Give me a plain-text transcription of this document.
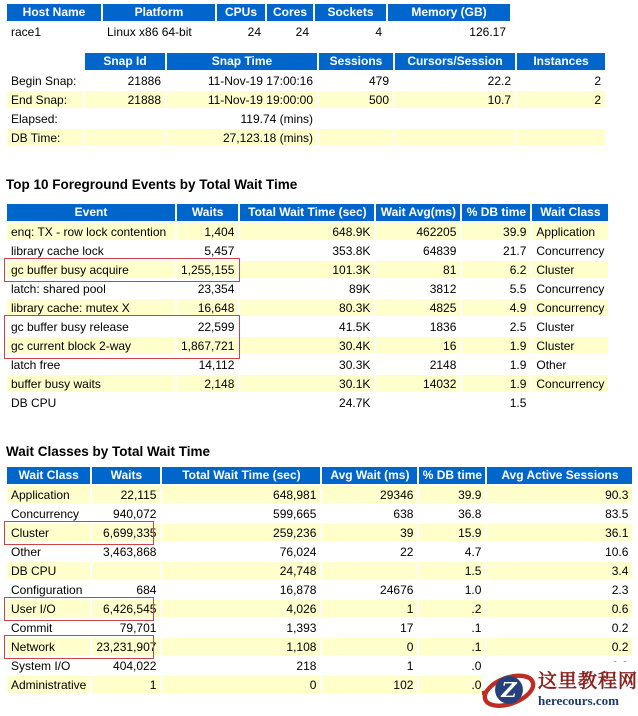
Host Name	Platform	CPUs	Cores	Sockets	Memory (GB)
race1	Linux x86 64-bit	24	24	4	126.17
	Snap Id	Snap Time	Sessions	Cursors/Session	Instances
Begin Snap:	21886	11-Nov-19 17:00:16	479	22.2	2
End Snap:	21888	11-Nov-19 19:00:00	500	10.7	2
Elapsed:		119.74 (mins)			
DB Time:		27,123.18 (mins)			
Top 10 Foreground Events by Total Wait Time
Event	Waits	Total Wait Time (sec)	Wait Avg(ms)	% DB time	Wait Class
enq: TX - row lock contention	1,404	648.9K	462205	39.9	Application
library cache lock	5,457	353.8K	64839	21.7	Concurrency
gc buffer busy acquire	1,255,155	101.3K	81	6.2	Cluster
latch: shared pool	23,354	89K	3812	5.5	Concurrency
library cache: mutex X	16,648	80.3K	4825	4.9	Concurrency
gc buffer busy release	22,599	41.5K	1836	2.5	Cluster
gc current block 2-way	1,867,721	30.4K	16	1.9	Cluster
latch free	14,112	30.3K	2148	1.9	Other
buffer busy waits	2,148	30.1K	14032	1.9	Concurrency
DB CPU		24.7K		1.5	
Wait Classes by Total Wait Time
Wait Class	Waits	Total Wait Time (sec)	Avg Wait (ms)	% DB time	Avg Active Sessions
Application	22,115	648,981	29346	39.9	90.3
Concurrency	940,072	599,665	638	36.8	83.5
Cluster	6,699,335	259,236	39	15.9	36.1
Other	3,463,868	76,024	22	4.7	10.6
DB CPU		24,748		1.5	3.4
Configuration	684	16,878	24676	1.0	2.3
User I/O	6,426,545	4,026	1	.2	0.6
Commit	79,701	1,393	17	.1	0.2
Network	23,231,907	1,108	0	.1	0.2
System I/O	404,022	218	1	.0	
Administrative	1	0	102	.0	Z 这里教程网
herecours.com
